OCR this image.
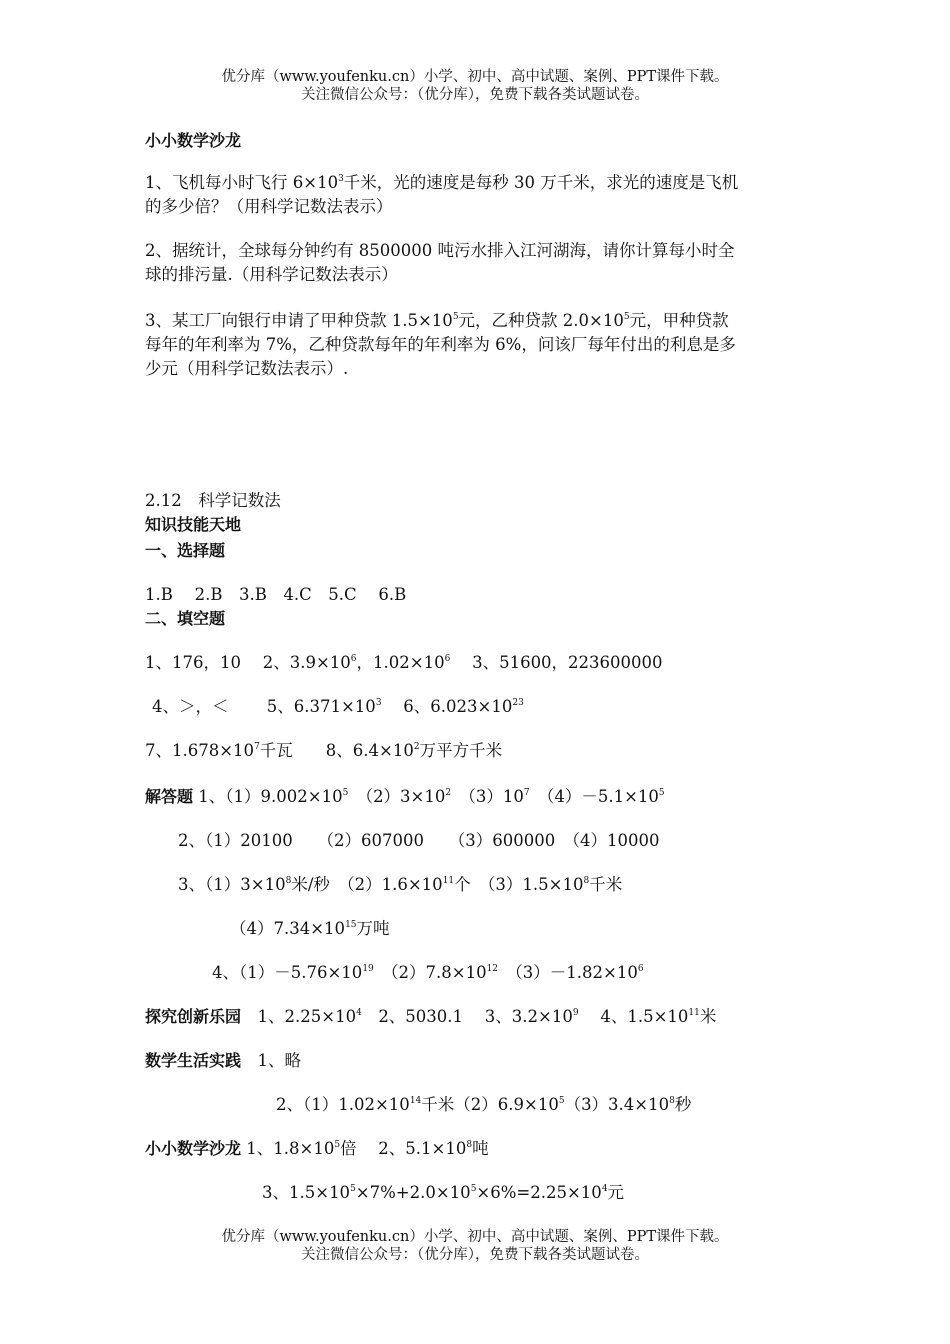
优分库（www.youfenku.cn）小学、初中、高中试题、案例、PPT课件下载。
关注微信公众号：（优分库），免费下载各类试题试卷。
小小数学沙龙
1、飞机每小时飞行 $6\times 10^3$千米，光的速度是每秒 30 万千米，求光的速度是飞机
的多少倍？（用科学记数法表示）
2、据统计，全球每分钟约有 8500000 吨污水排入江河湖海，请你计算每小时全
球的排污量.（用科学记数法表示）
3、某工厂向银行申请了甲种贷款 $1.5\times 10^5$元，乙种贷款 $2.0\times 10^5$元，甲种贷款
每年的年利率为 7%，乙种贷款每年的年利率为 6%，问该厂每年付出的利息是多
少元（用科学记数法表示）.
2.12　科学记数法
知识技能天地
一、选择题
1.B　 2.B　3.B　4.C　5.C　 6.B
二、填空题
1、176，10　 2、$3.9\times 10^6$，$1.02\times 10^6$　 3、51600，223600000
4、＞，＜　　 5、$6.371\times 10^3$　 6、$6.023\times 10^{23}$
7、$1.678\times 10^7$千瓦　　8、$6.4\times 10^2$万平方千米
解答题 1、$(1)9.002\times 10^5$　$(2)3\times 10^2$　$(3)10^7$　$(4)-5.1\times 10^5$
2、（1）20100　　（2）607000　　（3）600000　（4）10000
3、$(1)3\times 10^8$米/秒　$(2)1.6\times 10^{11}$个　$(3)1.5\times 10^8$千米
$(4)7.34\times 10^{15}$万吨
4、$(1)-5.76\times 10^{19}$　$(2)7.8\times 10^{12}$　$(3)-1.82\times 10^6$
探究创新乐园　 1、$2.25\times 10^4$　2、5030.1　 3、$3.2\times 10^9$　 4、$1.5\times 10^{11}$米
数学生活实践　 1、略
2、$(1)1.02\times 10^{14}$千米$(2)6.9\times 10^5(3)3.4\times 10^8$秒
小小数学沙龙 1、$1.8\times 10^5$倍　 2、$5.1\times 10^8$吨
3、$1.5\times 10^5\times 7\%+2.0\times 10^5\times 6\%=2.25\times 10^4$元
优分库（www.youfenku.cn）小学、初中、高中试题、案例、PPT课件下载。
关注微信公众号：（优分库），免费下载各类试题试卷。
